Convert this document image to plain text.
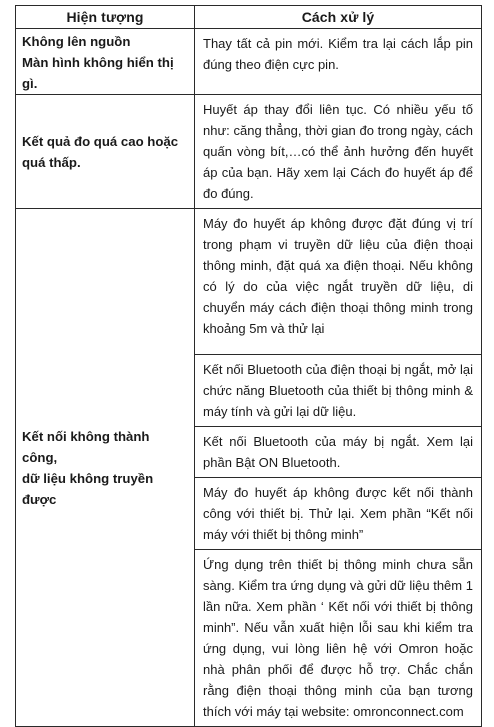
Hiện tượng	Cách xử lý

Không lên nguồn
Màn hình không hiển thị gì.	Thay tất cả pin mới. Kiểm tra lại cách lắp pin đúng theo điện cực pin.

Kết quả đo quá cao hoặc
quá thấp.	Huyết áp thay đổi liên tục. Có nhiều yếu tố như: căng thẳng, thời gian đo trong ngày, cách quấn vòng bít,…có thể ảnh hưởng đến huyết áp của bạn. Hãy xem lại Cách đo huyết áp để đo đúng.

Kết nối không thành công,
dữ liệu không truyền được	Máy đo huyết áp không được đặt đúng vị trí trong phạm vi truyền dữ liệu của điện thoại thông minh, đặt quá xa điện thoại. Nếu không có lý do của việc ngắt truyền dữ liệu, di chuyển máy cách điện thoại thông minh trong khoảng 5m và thử lại
	Kết nối Bluetooth của điện thoại bị ngắt, mở lại chức năng Bluetooth của thiết bị thông minh & máy tính và gửi lại dữ liệu.
	Kết nối Bluetooth của máy bị ngắt. Xem lại phần Bật ON Bluetooth.
	Máy đo huyết áp không được kết nối thành công với thiết bị. Thử lại. Xem phần “Kết nối máy với thiết bị thông minh”
	Ứng dụng trên thiết bị thông minh chưa sẵn sàng. Kiểm tra ứng dụng và gửi dữ liệu thêm 1 lần nữa. Xem phần ‘ Kết nối với thiết bị thông minh”. Nếu vẫn xuất hiện lỗi sau khi kiểm tra ứng dụng, vui lòng liên hệ với Omron hoặc nhà phân phối để được hỗ trợ. Chắc chắn rằng điện thoại thông minh của bạn tương thích với máy tại website: omronconnect.com
